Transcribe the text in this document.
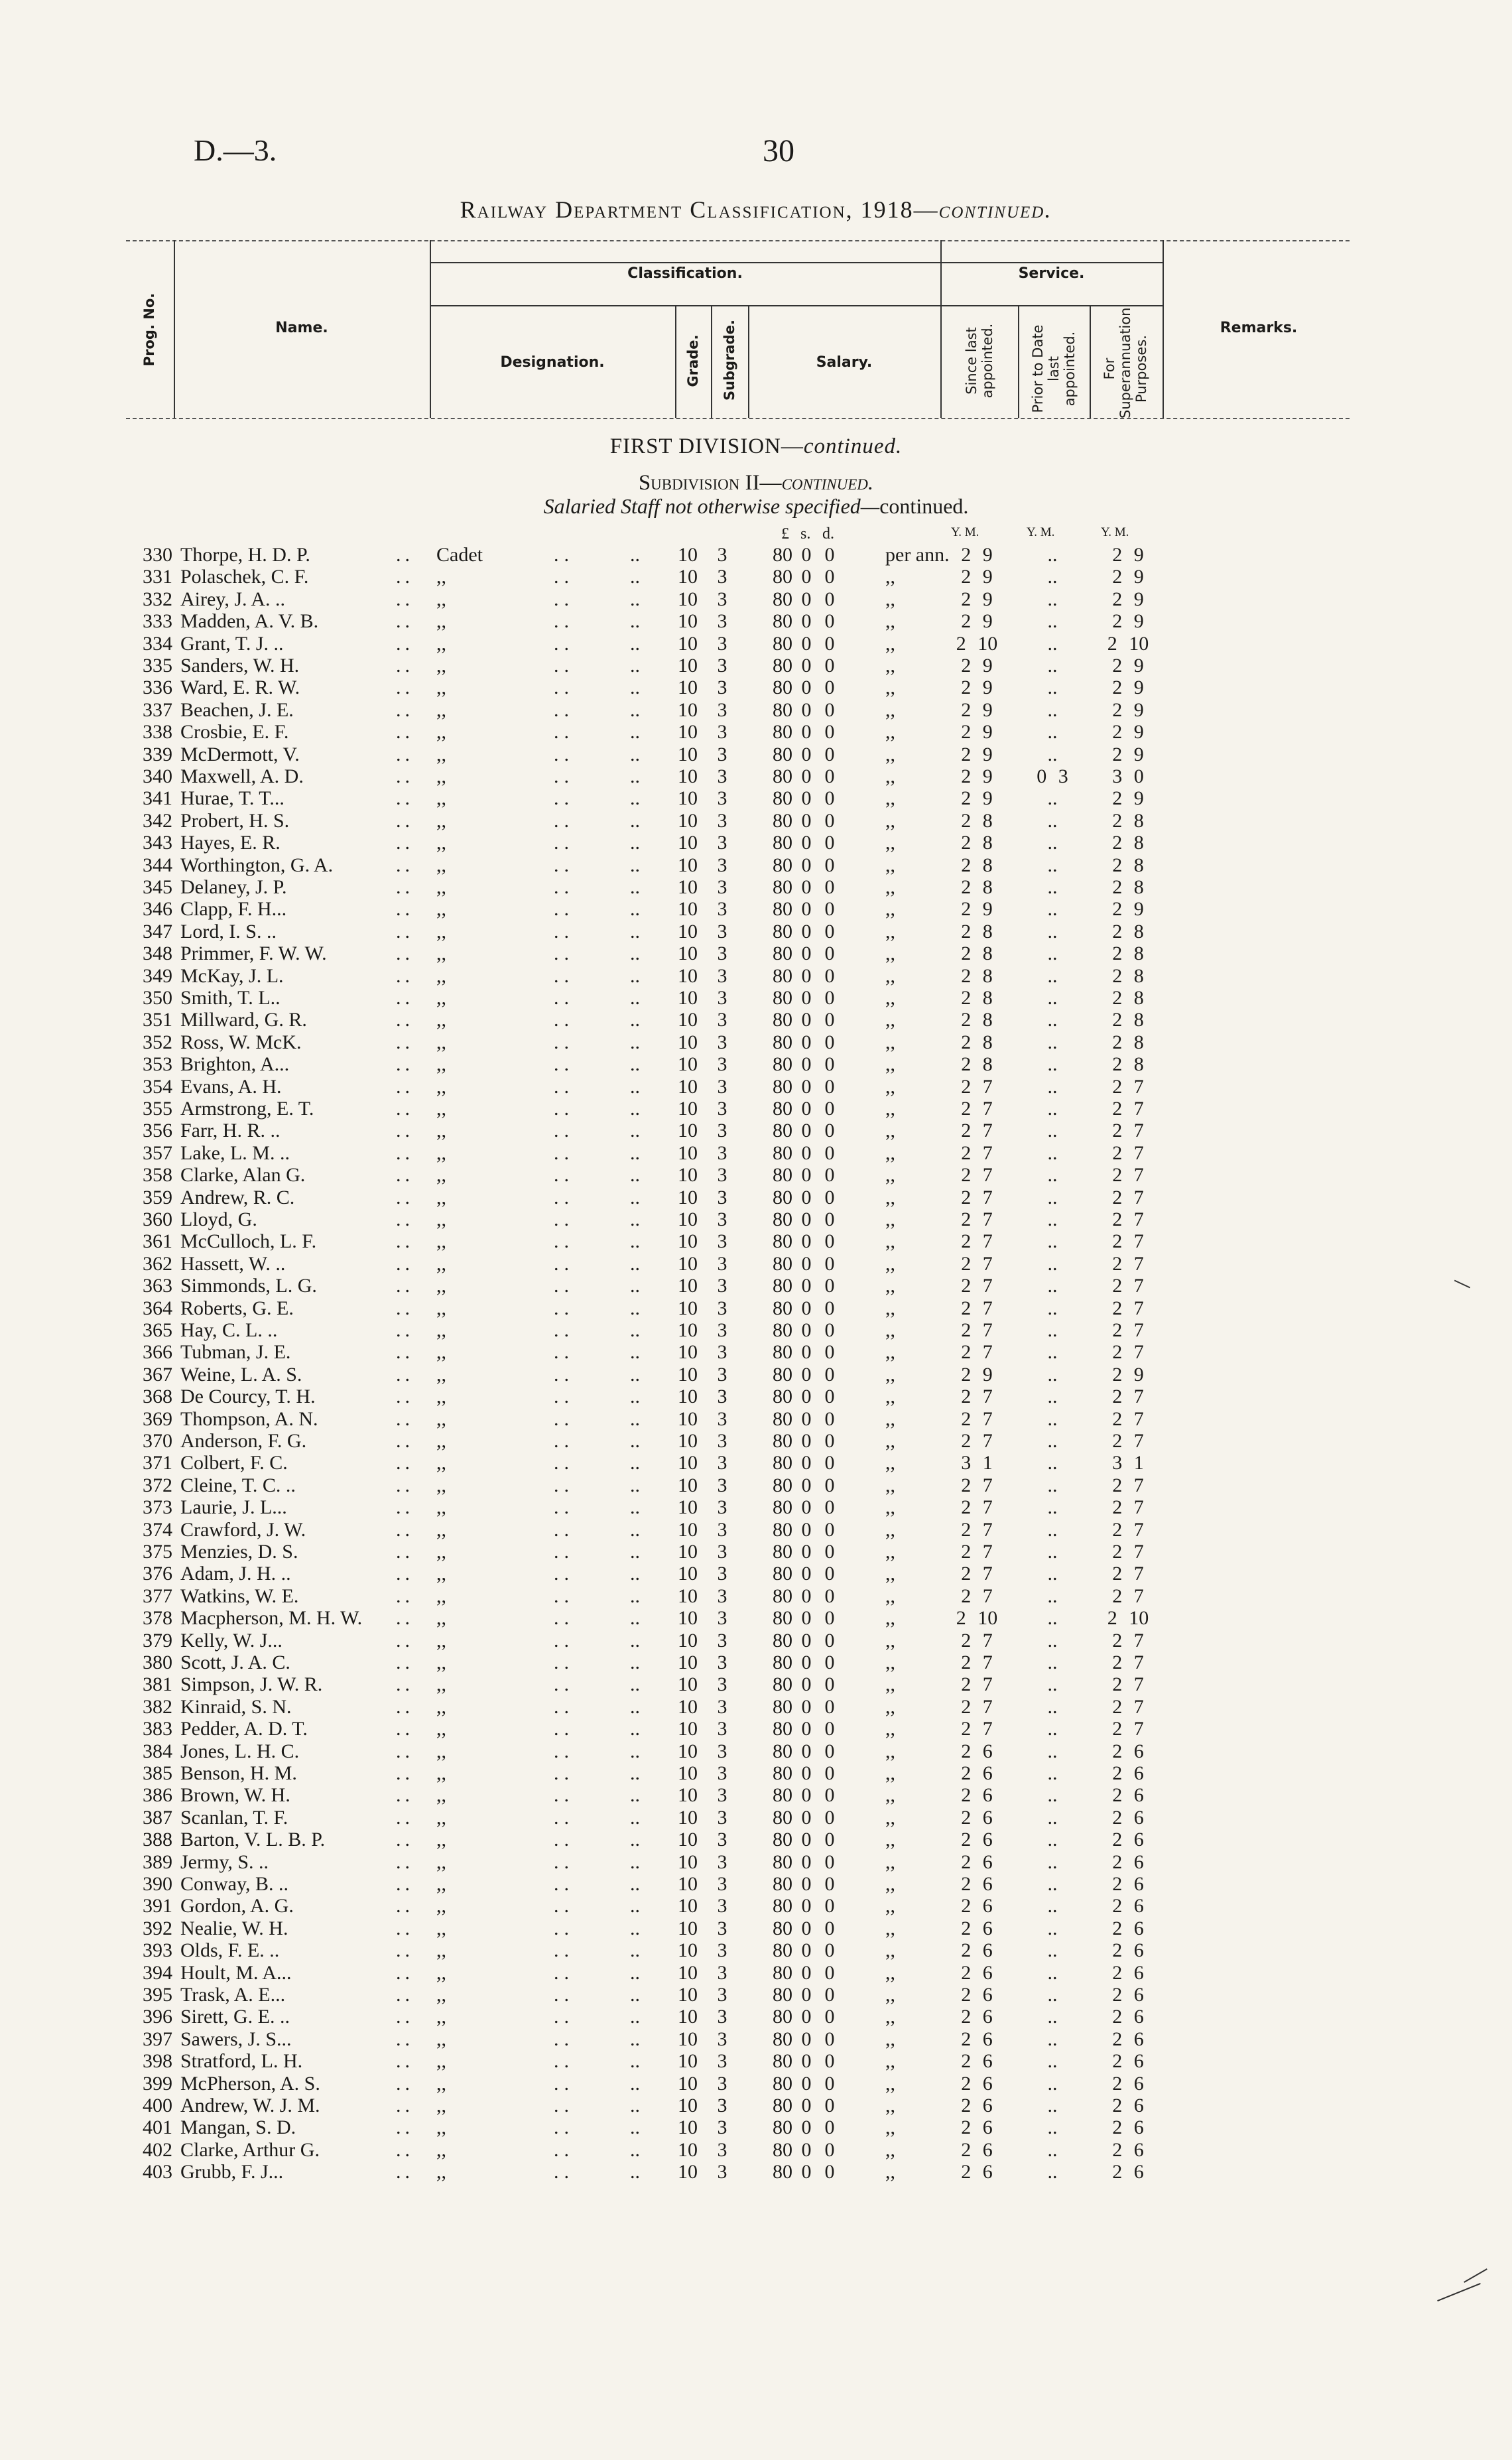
D.—3.	30
Railway Department Classification, 1918—continued.
Prog. No.	Name.
Classification.
Designation.	Grade. Subgrade.	Salary.
Service.
Since last appointed. Prior to Date last appointed. For Superannuation Purposes.
Remarks.
FIRST DIVISION—continued.
Subdivision II—continued.
Salaried Staff not otherwise specified—continued.
£ s. d.	Y. M.	Y. M.	Y. M.
330 Thorpe, H. D. P.	.. Cadet	..	..	10 3	80 0 0	per ann. 2 9	..	2 9
331 Polaschek, C. F.	.. ,,	..	..	10 3	80 0 0	,,	2 9	..	2 9
332 Airey, J. A. ..	.. ,,	..	..	10 3	80 0 0	,,	2 9	..	2 9
333 Madden, A. V. B.	.. ,,	..	..	10 3	80 0 0	,,	2 9	..	2 9
334 Grant, T. J. ..	.. ,,	..	..	10 3	80 0 0	,,	2 10	..	2 10
335 Sanders, W. H.	.. ,,	..	..	10 3	80 0 0	,,	2 9	..	2 9
336 Ward, E. R. W.	.. ,,	..	..	10 3	80 0 0	,,	2 9	..	2 9
337 Beachen, J. E.	.. ,,	..	..	10 3	80 0 0	,,	2 9	..	2 9
338 Crosbie, E. F.	.. ,,	..	..	10 3	80 0 0	,,	2 9	..	2 9
339 McDermott, V.	.. ,,	..	..	10 3	80 0 0	,,	2 9	..	2 9
340 Maxwell, A. D.	.. ,,	..	..	10 3	80 0 0	,,	2 9	0 3	3 0
341 Hurae, T. T...	.. ,,	..	..	10 3	80 0 0	,,	2 9	..	2 9
342 Probert, H. S.	.. ,,	..	..	10 3	80 0 0	,,	2 8	..	2 8
343 Hayes, E. R.	.. ,,	..	..	10 3	80 0 0	,,	2 8	..	2 8
344 Worthington, G. A.	.. ,,	..	..	10 3	80 0 0	,,	2 8	..	2 8
345 Delaney, J. P.	.. ,,	..	..	10 3	80 0 0	,,	2 8	..	2 8
346 Clapp, F. H...	.. ,,	..	..	10 3	80 0 0	,,	2 9	..	2 9
347 Lord, I. S. ..	.. ,,	..	..	10 3	80 0 0	,,	2 8	..	2 8
348 Primmer, F. W. W.	.. ,,	..	..	10 3	80 0 0	,,	2 8	..	2 8
349 McKay, J. L.	.. ,,	..	..	10 3	80 0 0	,,	2 8	..	2 8
350 Smith, T. L..	.. ,,	..	..	10 3	80 0 0	,,	2 8	..	2 8
351 Millward, G. R.	.. ,,	..	..	10 3	80 0 0	,,	2 8	..	2 8
352 Ross, W. McK.	.. ,,	..	..	10 3	80 0 0	,,	2 8	..	2 8
353 Brighton, A...	.. ,,	..	..	10 3	80 0 0	,,	2 8	..	2 8
354 Evans, A. H.	.. ,,	..	..	10 3	80 0 0	,,	2 7	..	2 7
355 Armstrong, E. T.	.. ,,	..	..	10 3	80 0 0	,,	2 7	..	2 7
356 Farr, H. R. ..	.. ,,	..	..	10 3	80 0 0	,,	2 7	..	2 7
357 Lake, L. M. ..	.. ,,	..	..	10 3	80 0 0	,,	2 7	..	2 7
358 Clarke, Alan G.	.. ,,	..	..	10 3	80 0 0	,,	2 7	..	2 7
359 Andrew, R. C.	.. ,,	..	..	10 3	80 0 0	,,	2 7	..	2 7
360 Lloyd, G.	.. ,,	..	..	10 3	80 0 0	,,	2 7	..	2 7
361 McCulloch, L. F.	.. ,,	..	..	10 3	80 0 0	,,	2 7	..	2 7
362 Hassett, W. ..	.. ,,	..	..	10 3	80 0 0	,,	2 7	..	2 7
363 Simmonds, L. G.	.. ,,	..	..	10 3	80 0 0	,,	2 7	..	2 7
364 Roberts, G. E.	.. ,,	..	..	10 3	80 0 0	,,	2 7	..	2 7
365 Hay, C. L. ..	.. ,,	..	..	10 3	80 0 0	,,	2 7	..	2 7
366 Tubman, J. E.	.. ,,	..	..	10 3	80 0 0	,,	2 7	..	2 7
367 Weine, L. A. S.	.. ,,	..	..	10 3	80 0 0	,,	2 9	..	2 9
368 De Courcy, T. H.	.. ,,	..	..	10 3	80 0 0	,,	2 7	..	2 7
369 Thompson, A. N.	.. ,,	..	..	10 3	80 0 0	,,	2 7	..	2 7
370 Anderson, F. G.	.. ,,	..	..	10 3	80 0 0	,,	2 7	..	2 7
371 Colbert, F. C.	.. ,,	..	..	10 3	80 0 0	,,	3 1	..	3 1
372 Cleine, T. C. ..	.. ,,	..	..	10 3	80 0 0	,,	2 7	..	2 7
373 Laurie, J. L...	.. ,,	..	..	10 3	80 0 0	,,	2 7	..	2 7
374 Crawford, J. W.	.. ,,	..	..	10 3	80 0 0	,,	2 7	..	2 7
375 Menzies, D. S.	.. ,,	..	..	10 3	80 0 0	,,	2 7	..	2 7
376 Adam, J. H. ..	.. ,,	..	..	10 3	80 0 0	,,	2 7	..	2 7
377 Watkins, W. E.	.. ,,	..	..	10 3	80 0 0	,,	2 7	..	2 7
378 Macpherson, M. H. W. .. ,,	..	..	10 3	80 0 0	,,	2 10	..	2 10
379 Kelly, W. J...	.. ,,	..	..	10 3	80 0 0	,,	2 7	..	2 7
380 Scott, J. A. C.	.. ,,	..	..	10 3	80 0 0	,,	2 7	..	2 7
381 Simpson, J. W. R.	.. ,,	..	..	10 3	80 0 0	,,	2 7	..	2 7
382 Kinraid, S. N.	.. ,,	..	..	10 3	80 0 0	,,	2 7	..	2 7
383 Pedder, A. D. T.	.. ,,	..	..	10 3	80 0 0	,,	2 7	..	2 7
384 Jones, L. H. C.	.. ,,	..	..	10 3	80 0 0	,,	2 6	..	2 6
385 Benson, H. M.	.. ,,	..	..	10 3	80 0 0	,,	2 6	..	2 6
386 Brown, W. H.	.. ,,	..	..	10 3	80 0 0	,,	2 6	..	2 6
387 Scanlan, T. F.	.. ,,	..	..	10 3	80 0 0	,,	2 6	..	2 6
388 Barton, V. L. B. P.	.. ,,	..	..	10 3	80 0 0	,,	2 6	..	2 6
389 Jermy, S. ..	.. ,,	..	..	10 3	80 0 0	,,	2 6	..	2 6
390 Conway, B. ..	.. ,,	..	..	10 3	80 0 0	,,	2 6	..	2 6
391 Gordon, A. G.	.. ,,	..	..	10 3	80 0 0	,,	2 6	..	2 6
392 Nealie, W. H.	.. ,,	..	..	10 3	80 0 0	,,	2 6	..	2 6
393 Olds, F. E. ..	.. ,,	..	..	10 3	80 0 0	,,	2 6	..	2 6
394 Hoult, M. A...	.. ,,	..	..	10 3	80 0 0	,,	2 6	..	2 6
395 Trask, A. E...	.. ,,	..	..	10 3	80 0 0	,,	2 6	..	2 6
396 Sirett, G. E. ..	.. ,,	..	..	10 3	80 0 0	,,	2 6	..	2 6
397 Sawers, J. S...	.. ,,	..	..	10 3	80 0 0	,,	2 6	..	2 6
398 Stratford, L. H.	.. ,,	..	..	10 3	80 0 0	,,	2 6	..	2 6
399 McPherson, A. S.	.. ,,	..	..	10 3	80 0 0	,,	2 6	..	2 6
400 Andrew, W. J. M.	.. ,,	..	..	10 3	80 0 0	,,	2 6	..	2 6
401 Mangan, S. D.	.. ,,	..	..	10 3	80 0 0	,,	2 6	..	2 6
402 Clarke, Arthur G.	.. ,,	..	..	10 3	80 0 0	,,	2 6	..	2 6
403 Grubb, F. J...	.. ,,	..	..	10 3	80 0 0	,,	2 6	..	2 6
